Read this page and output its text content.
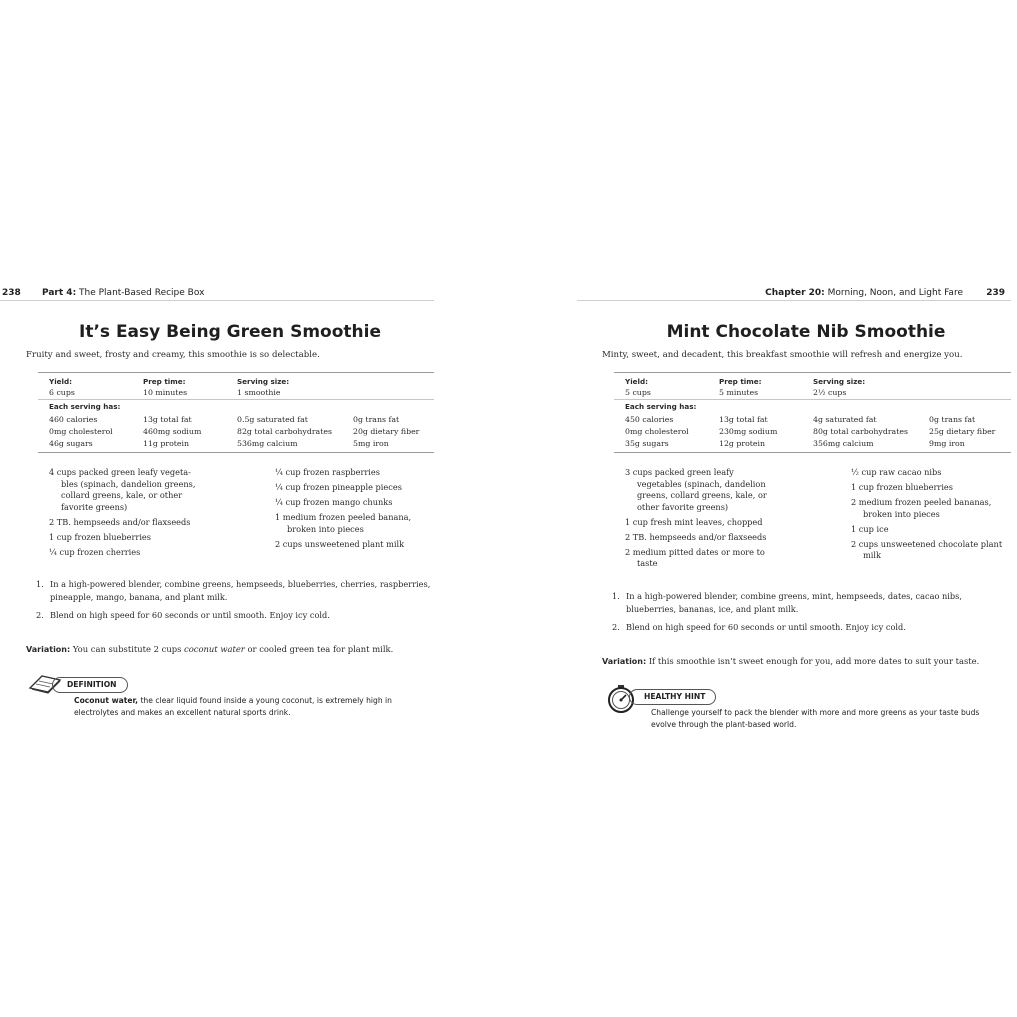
238 Part 4: The Plant-Based Recipe Box
It’s Easy Being Green Smoothie
Fruity and sweet, frosty and creamy, this smoothie is so delectable.
Yield:
6 cups
Prep time:
10 minutes
Serving size:
1 smoothie
Each serving has:
460 calories
0mg cholesterol
46g sugars
13g total fat
460mg sodium
11g protein
0.5g saturated fat
82g total carbohydrates
536mg calcium
0g trans fat
20g dietary fiber
5mg iron
4 cups packed green leafy vegeta- bles (spinach, dandelion greens, collard greens, kale, or other favorite greens)
2 TB. hempseeds and/or flaxseeds
1 cup frozen blueberries
¼ cup frozen cherries
¼ cup frozen raspberries
¼ cup frozen pineapple pieces
¼ cup frozen mango chunks
1 medium frozen peeled banana, broken into pieces
2 cups unsweetened plant milk
1. In a high-powered blender, combine greens, hempseeds, blueberries, cherries, raspberries, pineapple, mango, banana, and plant milk.
2. Blend on high speed for 60 seconds or until smooth. Enjoy icy cold.
Variation: You can substitute 2 cups coconut water or cooled green tea for plant milk.
DEFINITION
Coconut water, the clear liquid found inside a young coconut, is extremely high in electrolytes and makes an excellent natural sports drink.
Chapter 20: Morning, Noon, and Light Fare	239
Mint Chocolate Nib Smoothie
Minty, sweet, and decadent, this breakfast smoothie will refresh and energize you.
Yield:
5 cups
Prep time:
5 minutes
Serving size:
2½ cups
Each serving has:
450 calories
0mg cholesterol
35g sugars
13g total fat
230mg sodium
12g protein
4g saturated fat
80g total carbohydrates
356mg calcium
0g trans fat
25g dietary fiber
9mg iron
3 cups packed green leafy vegetables (spinach, dandelion greens, collard greens, kale, or other favorite greens)
1 cup fresh mint leaves, chopped
2 TB. hempseeds and/or flaxseeds
2 medium pitted dates or more to taste
½ cup raw cacao nibs
1 cup frozen blueberries
2 medium frozen peeled bananas, broken into pieces
1 cup ice
2 cups unsweetened chocolate plant milk
1. In a high-powered blender, combine greens, mint, hempseeds, dates, cacao nibs, blueberries, bananas, ice, and plant milk.
2. Blend on high speed for 60 seconds or until smooth. Enjoy icy cold.
Variation: If this smoothie isn’t sweet enough for you, add more dates to suit your taste.
HEALTHY HINT
Challenge yourself to pack the blender with more and more greens as your taste buds evolve through the plant-based world.
